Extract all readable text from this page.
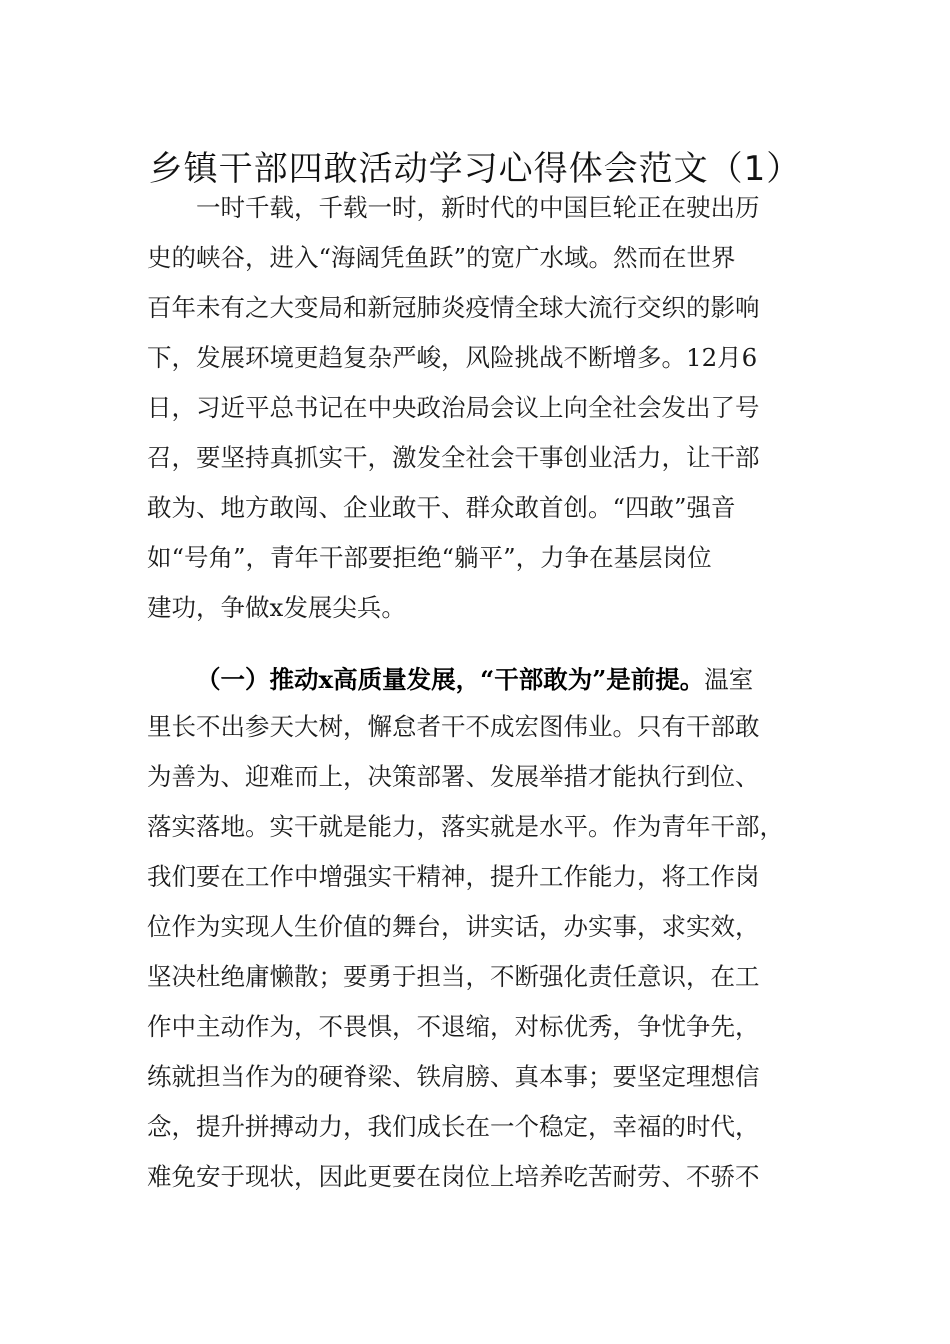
乡镇干部四敢活动学习心得体会范文（1）
一时千载，千载一时，新时代的中国巨轮正在驶出历
史的峡谷，进入“海阔凭鱼跃”的宽广水域。然而在世界
百年未有之大变局和新冠肺炎疫情全球大流行交织的影响
下，发展环境更趋复杂严峻，风险挑战不断增多。12月6
日，习近平总书记在中央政治局会议上向全社会发出了号
召，要坚持真抓实干，激发全社会干事创业活力，让干部
敢为、地方敢闯、企业敢干、群众敢首创。“四敢”强音
如“号角”，青年干部要拒绝“躺平”，力争在基层岗位
建功，争做x发展尖兵。
（一）推动x高质量发展，“干部敢为”是前提。温室
里长不出参天大树，懈怠者干不成宏图伟业。只有干部敢
为善为、迎难而上，决策部署、发展举措才能执行到位、
落实落地。实干就是能力，落实就是水平。作为青年干部，
我们要在工作中增强实干精神，提升工作能力，将工作岗
位作为实现人生价值的舞台，讲实话，办实事，求实效，
坚决杜绝庸懒散；要勇于担当，不断强化责任意识，在工
作中主动作为，不畏惧，不退缩，对标优秀，争忧争先，
练就担当作为的硬脊梁、铁肩膀、真本事；要坚定理想信
念，提升拼搏动力，我们成长在一个稳定，幸福的时代，
难免安于现状，因此更要在岗位上培养吃苦耐劳、不骄不
